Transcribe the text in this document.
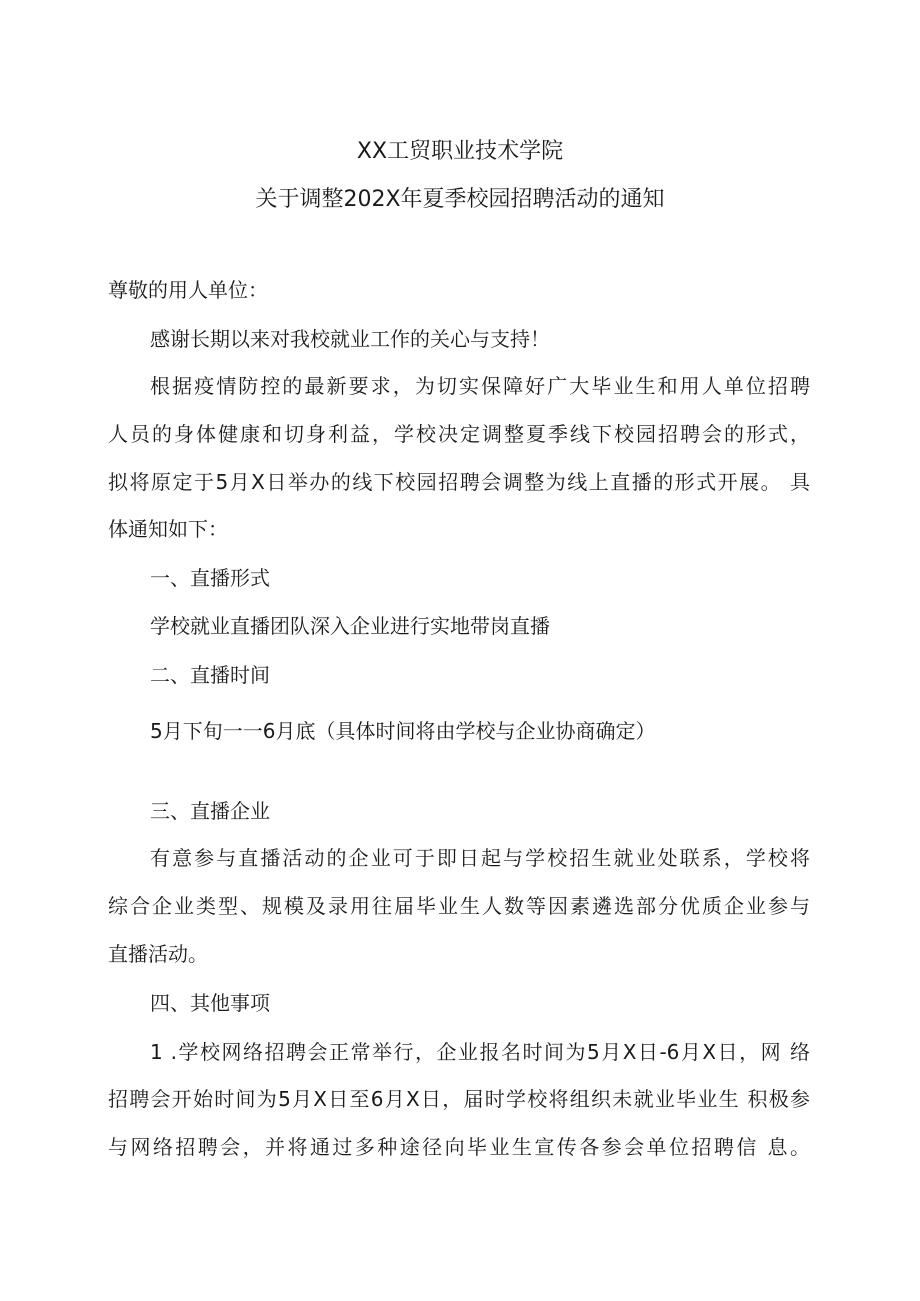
XX工贸职业技术学院
关于调整202X年夏季校园招聘活动的通知
尊敬的用人单位：
感谢长期以来对我校就业工作的关心与支持！
根据疫情防控的最新要求，为切实保障好广大毕业生和用人单位招聘
人员的身体健康和切身利益，学校决定调整夏季线下校园招聘会的形式，
拟将原定于5月X日举办的线下校园招聘会调整为线上直播的形式开展。 具
体通知如下：
一、直播形式
学校就业直播团队深入企业进行实地带岗直播
二、直播时间
5月下旬一一6月底（具体时间将由学校与企业协商确定）
三、直播企业
有意参与直播活动的企业可于即日起与学校招生就业处联系，学校将
综合企业类型、规模及录用往届毕业生人数等因素遴选部分优质企业参与
直播活动。
四、其他事项
1 .学校网络招聘会正常举行，企业报名时间为5月X日-6月X日，网 络
招聘会开始时间为5月X日至6月X日，届时学校将组织未就业毕业生 积极参
与网络招聘会，并将通过多种途径向毕业生宣传各参会单位招聘信 息。
